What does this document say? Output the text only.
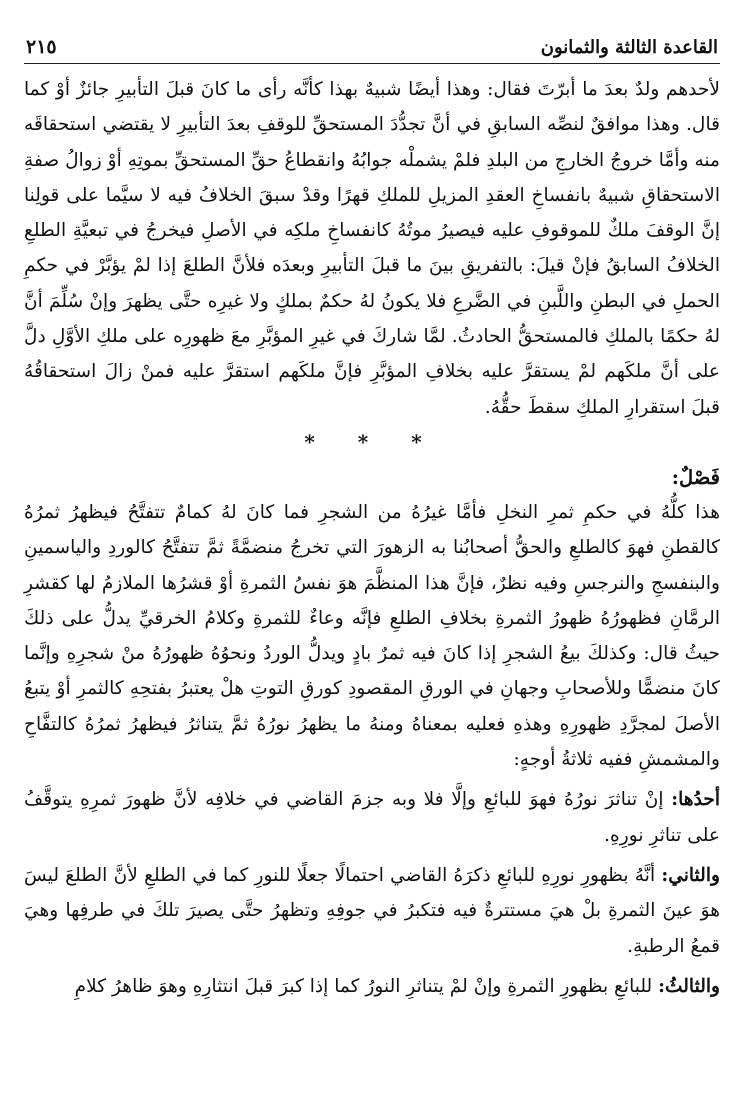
القاعدة الثالثة والثمانون
٢١٥

لأحدهم ولدٌ بعدَ ما أبرّتَ فقال: وهذا أيضًا شبيهٌ بهذا كأنَّه رأى ما كانَ قبلَ التأبيرِ جائزٌ أوْ كما قال. وهذا موافقٌ لنصِّه السابقِ في أنَّ تجدُّدَ المستحقِّ للوقفِ بعدَ التأبيرِ لا يقتضي استحقاقَه منه وأمَّا خروجُ الخارجِ من البلدِ فلمْ يشملْه جوابُهُ وانقطاعُ حقِّ المستحقِّ بموتِهِ أوْ زوالُ صفةِ الاستحقاقِ شبيهٌ بانفساخِ العقدِ المزيلِ للملكِ قهرًا وقدْ سبقَ الخلافُ فيه لا سيَّما على قولِنا إنَّ الوقفَ ملكٌ للموقوفِ عليه فيصيرُ موتُهُ كانفساخِ ملكِه في الأصلِ فيخرجُ في تبعيَّةِ الطلعِ الخلافُ السابقُ فإنْ قيلَ: بالتفريقِ بينَ ما قبلَ التأبيرِ وبعدَه فلأنَّ الطلعَ إذا لمْ يؤبَّرْ في حكمِ الحملِ في البطنِ واللَّبنِ في الضَّرعِ فلا يكونُ لهُ حكمٌ بملكٍ ولا غيرِه حتَّى يظهرَ وإنْ سُلِّمَ أنَّ لهُ حكمًا بالملكِ فالمستحقُّ الحادثُ. لمَّا شاركَ في غيرِ المؤبَّرِ معَ ظهورِه على ملكِ الأوَّلِ دلَّ على أنَّ ملكَهم لمْ يستقرَّ عليه بخلافِ المؤبَّرِ فإنَّ ملكَهم استقرَّ عليه فمنْ زالَ استحقاقُهُ قبلَ استقرارِ الملكِ سقطَ حقُّهُ.

* * *

فَصْلٌ:

هذا كلُّهُ في حكمِ ثمرِ النخلِ فأمَّا غيرُهُ من الشجرِ فما كانَ لهُ كمامٌ تتفتَّحُ فيظهرُ ثمرُهُ كالقطنِ فهوَ كالطلعِ والحقُّ أصحابُنا به الزهورَ التي تخرجُ منضمَّةً ثمَّ تتفتَّحُ كالوردِ والياسمينِ والبنفسجِ والنرجسِ وفيه نظرٌ، فإنَّ هذا المنظَّمَ هوَ نفسُ الثمرةِ أوْ قشرُها الملازمُ لها كقشرِ الرمَّانِ فظهورُهُ ظهورُ الثمرةِ بخلافِ الطلعِ فإنَّه وعاءٌ للثمرةِ وكلامُ الخرقيِّ يدلُّ على ذلكَ حيثُ قال: وكذلكَ بيعُ الشجرِ إذا كانَ فيه ثمرٌ بادٍ ويدلُّ الوردُ ونحوُهُ ظهورُهُ منْ شجرِهِ وإنَّما كانَ منضمًّا وللأصحابِ وجهانِ في الورقِ المقصودِ كورقِ التوتِ هلْ يعتبرُ بفتحِهِ كالثمرِ أوْ يتبعُ الأصلَ لمجرَّدِ ظهورِهِ وهذهِ فعليه بمعناهُ ومنهُ ما يظهرُ نورُهُ ثمَّ يتناثرُ فيظهرُ ثمرُهُ كالتفَّاحِ والمشمشِ ففيه ثلاثةُ أوجهٍ:

أحدُها: إنْ تناثرَ نورُهُ فهوَ للبائعِ وإلَّا فلا وبه جزمَ القاضي في خلافِه لأنَّ ظهورَ ثمرِهِ يتوقَّفُ على تناثرِ نورِهِ.

والثاني: أنَّهُ بظهورِ نورِهِ للبائعِ ذكرَهُ القاضي احتمالًا جعلًا للنورِ كما في الطلعِ لأنَّ الطلعَ ليسَ هوَ عينَ الثمرةِ بلْ هيَ مستترةٌ فيه فتكبرُ في جوفِهِ وتظهرُ حتَّى يصيرَ تلكَ في طرفِها وهيَ قمعُ الرطبةِ.

والثالثُ: للبائعِ بظهورِ الثمرةِ وإنْ لمْ يتناثرِ النورُ كما إذا كبرَ قبلَ انتثارِهِ وهوَ ظاهرُ كلامِ
